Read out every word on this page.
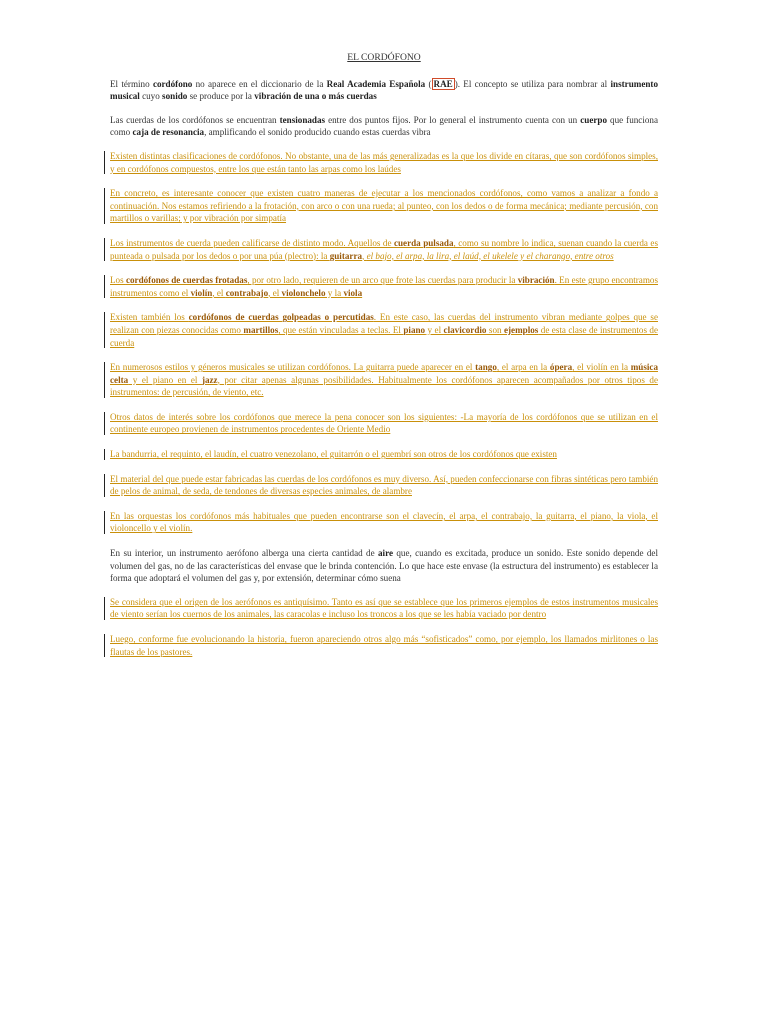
EL CORDÓFONO

El término cordófono no aparece en el diccionario de la Real Academia Española ( RAE ). El concepto se utiliza para nombrar al instrumento musical cuyo sonido se produce por la vibración de una o más cuerdas

Las cuerdas de los cordófonos se encuentran tensionadas entre dos puntos fijos. Por lo general el instrumento cuenta con un cuerpo que funciona como caja de resonancia, amplificando el sonido producido cuando estas cuerdas vibra

Existen distintas clasificaciones de cordófonos. No obstante, una de las más generalizadas es la que los divide en cítaras, que son cordófonos simples, y en cordófonos compuestos, entre los que están tanto las arpas como los laúdes

En concreto, es interesante conocer que existen cuatro maneras de ejecutar a los mencionados cordófonos, como vamos a analizar a fondo a continuación. Nos estamos refiriendo a la frotación, con arco o con una rueda; al punteo, con los dedos o de forma mecánica; mediante percusión, con martillos o varillas; y por vibración por simpatía

Los instrumentos de cuerda pueden calificarse de distinto modo. Aquellos de cuerda pulsada, como su nombre lo indica, suenan cuando la cuerda es punteada o pulsada por los dedos o por una púa (plectro): la guitarra, el bajo, el arpa, la lira, el laúd, el ukelele y el charango, entre otros

Los cordófonos de cuerdas frotadas, por otro lado, requieren de un arco que frote las cuerdas para producir la vibración. En este grupo encontramos instrumentos como el violín, el contrabajo, el violonchelo y la viola

Existen también los cordófonos de cuerdas golpeadas o percutidas. En este caso, las cuerdas del instrumento vibran mediante golpes que se realizan con piezas conocidas como martillos, que están vinculadas a teclas. El piano y el clavicordio son ejemplos de esta clase de instrumentos de cuerda

En numerosos estilos y géneros musicales se utilizan cordófonos. La guitarra puede aparecer en el tango, el arpa en la ópera, el violín en la música celta y el piano en el jazz, por citar apenas algunas posibilidades. Habitualmente los cordófonos aparecen acompañados por otros tipos de instrumentos: de percusión, de viento, etc.

Otros datos de interés sobre los cordófonos que merece la pena conocer son los siguientes: -La mayoría de los cordófonos que se utilizan en el continente europeo provienen de instrumentos procedentes de Oriente Medio

La bandurria, el requinto, el laudín, el cuatro venezolano, el guitarrón o el guembrí son otros de los cordófonos que existen

El material del que puede estar fabricadas las cuerdas de los cordófonos es muy diverso. Así, pueden confeccionarse con fibras sintéticas pero también de pelos de animal, de seda, de tendones de diversas especies animales, de alambre

En las orquestas los cordófonos más habituales que pueden encontrarse son el clavecín, el arpa, el contrabajo, la guitarra, el piano, la viola, el violoncello y el violín.

En su interior, un instrumento aerófono alberga una cierta cantidad de aire que, cuando es excitada, produce un sonido. Este sonido depende del volumen del gas, no de las características del envase que le brinda contención. Lo que hace este envase (la estructura del instrumento) es establecer la forma que adoptará el volumen del gas y, por extensión, determinar cómo suena

Se considera que el origen de los aerófonos es antiquísimo. Tanto es así que se establece que los primeros ejemplos de estos instrumentos musicales de viento serían los cuernos de los animales, las caracolas e incluso los troncos a los que se les había vaciado por dentro

Luego, conforme fue evolucionando la historia, fueron apareciendo otros algo más “sofisticados” como, por ejemplo, los llamados mirlitones o las flautas de los pastores.
